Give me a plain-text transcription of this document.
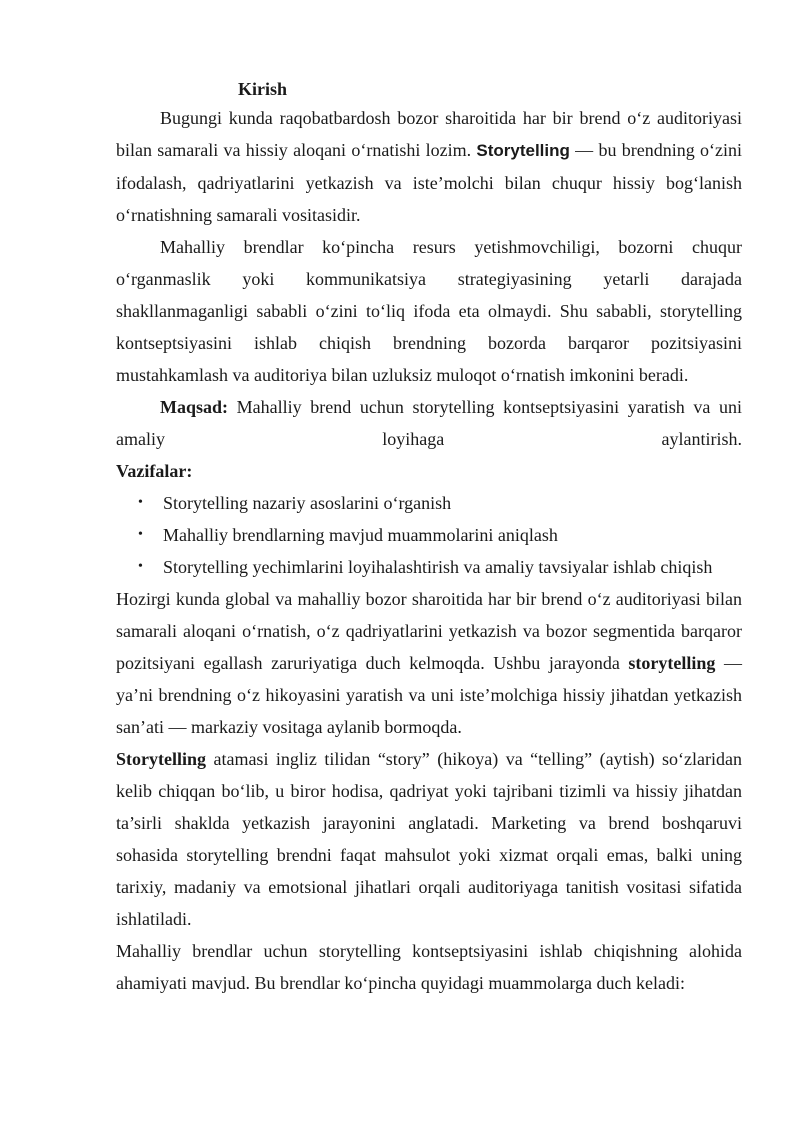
Kirish

Bugungi kunda raqobatbardosh bozor sharoitida har bir brend o‘z auditoriyasi bilan samarali va hissiy aloqani o‘rnatishi lozim. Storytelling — bu brendning o‘zini ifodalash, qadriyatlarini yetkazish va iste’molchi bilan chuqur hissiy bog‘lanish o‘rnatishning samarali vositasidir.

Mahalliy brendlar ko‘pincha resurs yetishmovchiligi, bozorni chuqur o‘rganmaslik yoki kommunikatsiya strategiyasining yetarli darajada shakllanmaganligi sababli o‘zini to‘liq ifoda eta olmaydi. Shu sababli, storytelling kontseptsiyasini ishlab chiqish brendning bozorda barqaror pozitsiyasini mustahkamlash va auditoriya bilan uzluksiz muloqot o‘rnatish imkonini beradi.

Maqsad: Mahalliy brend uchun storytelling kontseptsiyasini yaratish va uni

amaliy loyihaga aylantirish.

Vazifalar:
• Storytelling nazariy asoslarini o‘rganish
• Mahalliy brendlarning mavjud muammolarini aniqlash
• Storytelling yechimlarini loyihalashtirish va amaliy tavsiyalar ishlab chiqish

Hozirgi kunda global va mahalliy bozor sharoitida har bir brend o‘z auditoriyasi bilan samarali aloqani o‘rnatish, o‘z qadriyatlarini yetkazish va bozor segmentida barqaror pozitsiyani egallash zaruriyatiga duch kelmoqda. Ushbu jarayonda storytelling — ya’ni brendning o‘z hikoyasini yaratish va uni iste’molchiga hissiy jihatdan yetkazish san’ati — markaziy vositaga aylanib bormoqda.

Storytelling atamasi ingliz tilidan “story” (hikoya) va “telling” (aytish) so‘zlaridan kelib chiqqan bo‘lib, u biror hodisa, qadriyat yoki tajribani tizimli va hissiy jihatdan ta’sirli shaklda yetkazish jarayonini anglatadi. Marketing va brend boshqaruvi sohasida storytelling brendni faqat mahsulot yoki xizmat orqali emas, balki uning tarixiy, madaniy va emotsional jihatlari orqali auditoriyaga tanitish vositasi sifatida ishlatiladi.

Mahalliy brendlar uchun storytelling kontseptsiyasini ishlab chiqishning alohida ahamiyati mavjud. Bu brendlar ko‘pincha quyidagi muammolarga duch keladi:
